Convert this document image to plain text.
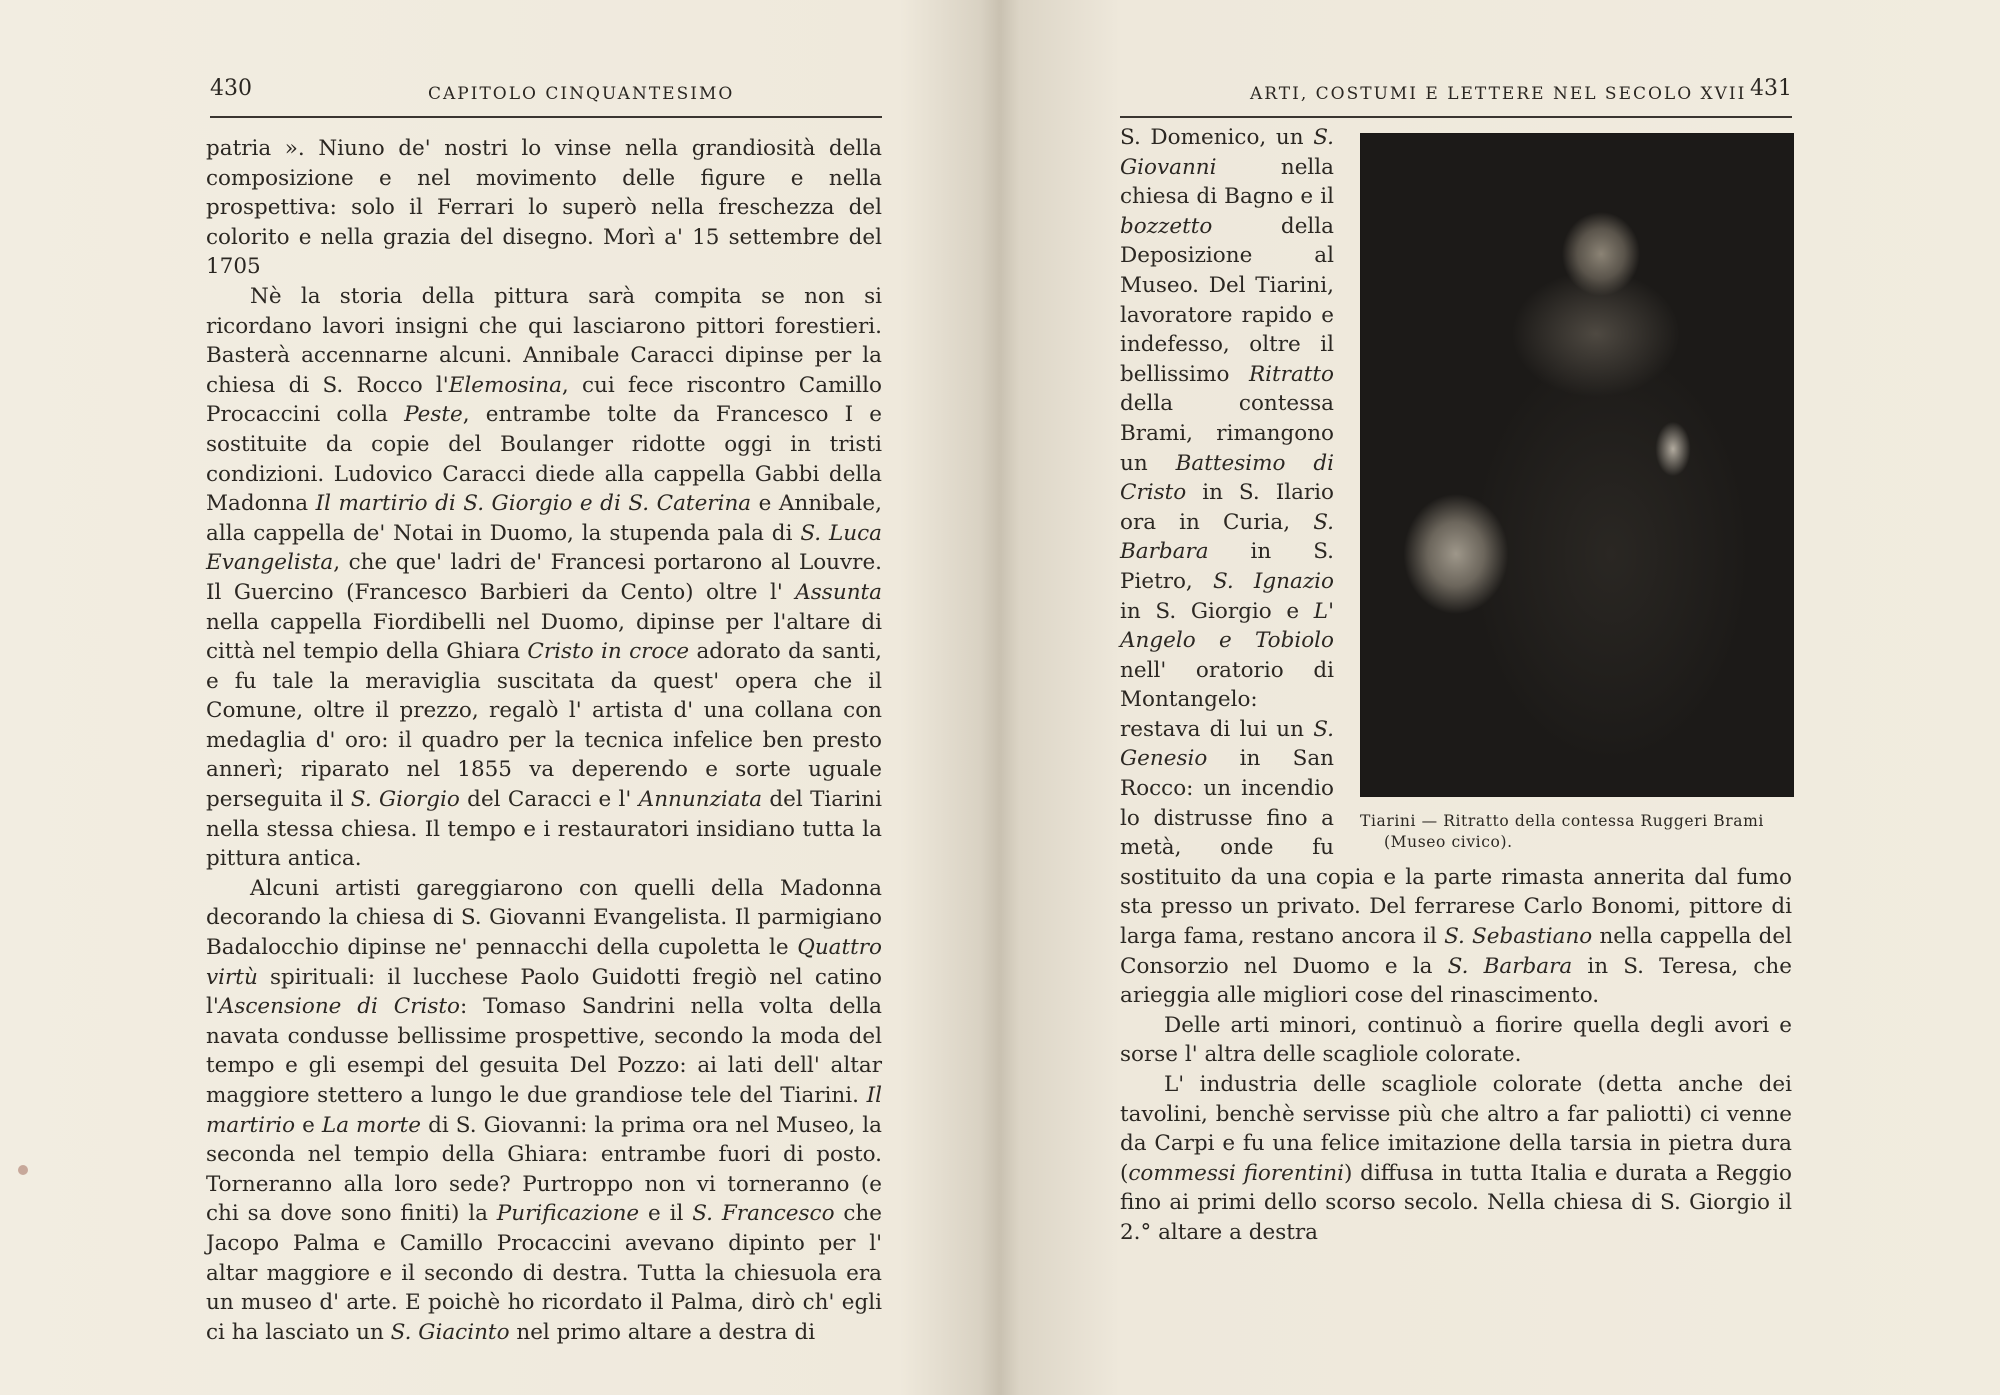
430	CAPITOLO CINQUANTESIMO

patria ». Niuno de' nostri lo vinse nella grandiosità della composizione e nel movimento delle figure e nella prospettiva: solo il Ferrari lo superò nella freschezza del colorito e nella grazia del disegno. Morì a' 15 settembre del 1705

Nè la storia della pittura sarà compita se non si ricordano lavori insigni che qui lasciarono pittori forestieri. Basterà accennarne alcuni. Annibale Caracci dipinse per la chiesa di S. Rocco l'Elemosina, cui fece riscontro Camillo Procaccini colla Peste, entrambe tolte da Francesco I e sostituite da copie del Boulanger ridotte oggi in tristi condizioni. Ludovico Caracci diede alla cappella Gabbi della Madonna Il martirio di S. Giorgio e di S. Caterina e Annibale, alla cappella de' Notai in Duomo, la stupenda pala di S. Luca Evangelista, che que' ladri de' Francesi portarono al Louvre. Il Guercino (Francesco Barbieri da Cento) oltre l' Assunta nella cappella Fiordibelli nel Duomo, dipinse per l'altare di città nel tempio della Ghiara Cristo in croce adorato da santi, e fu tale la meraviglia suscitata da quest' opera che il Comune, oltre il prezzo, regalò l' artista d' una collana con medaglia d' oro: il quadro per la tecnica infelice ben presto annerì; riparato nel 1855 va deperendo e sorte uguale perseguita il S. Giorgio del Caracci e l' Annunziata del Tiarini nella stessa chiesa. Il tempo e i restauratori insidiano tutta la pittura antica.

Alcuni artisti gareggiarono con quelli della Madonna decorando la chiesa di S. Giovanni Evangelista. Il parmigiano Badalocchio dipinse ne' pennacchi della cupoletta le Quattro virtù spirituali: il lucchese Paolo Guidotti fregiò nel catino l'Ascensione di Cristo: Tomaso Sandrini nella volta della navata condusse bellissime prospettive, secondo la moda del tempo e gli esempi del gesuita Del Pozzo: ai lati dell' altar maggiore stettero a lungo le due grandiose tele del Tiarini. Il martirio e La morte di S. Giovanni: la prima ora nel Museo, la seconda nel tempio della Ghiara: entrambe fuori di posto. Torneranno alla loro sede? Purtroppo non vi torneranno (e chi sa dove sono finiti) la Purificazione e il S. Francesco che Jacopo Palma e Camillo Procaccini avevano dipinto per l' altar maggiore e il secondo di destra. Tutta la chiesuola era un museo d' arte. E poichè ho ricordato il Palma, dirò ch' egli ci ha lasciato un S. Giacinto nel primo altare a destra di

ARTI, COSTUMI E LETTERE NEL SECOLO XVII 431
Tiarini — Ritratto della contessa Ruggeri Brami
(Museo civico).

S. Domenico, un S. Giovanni nella chiesa di Bagno e il bozzetto della Deposizione al Museo. Del Tiarini, lavoratore rapido e indefesso, oltre il bellissimo Ritratto della contessa Brami, rimangono un Battesimo di Cristo in S. Ilario ora in Curia, S. Barbara in S. Pietro, S. Ignazio in S. Giorgio e L' Angelo e Tobiolo nell' oratorio di Montangelo: restava di lui un S. Genesio in San Rocco: un incendio lo distrusse fino a metà, onde fu sostituito da una copia e la parte rimasta annerita dal fumo sta presso un privato. Del ferrarese Carlo Bonomi, pittore di larga fama, restano ancora il S. Sebastiano nella cappella del Consorzio nel Duomo e la S. Barbara in S. Teresa, che arieggia alle migliori cose del rinascimento.

Delle arti minori, continuò a fiorire quella degli avori e sorse l' altra delle scagliole colorate.

L' industria delle scagliole colorate (detta anche dei tavolini, benchè servisse più che altro a far paliotti) ci venne da Carpi e fu una felice imitazione della tarsia in pietra dura (commessi fiorentini) diffusa in tutta Italia e durata a Reggio fino ai primi dello scorso secolo. Nella chiesa di S. Giorgio il 2.° altare a destra
